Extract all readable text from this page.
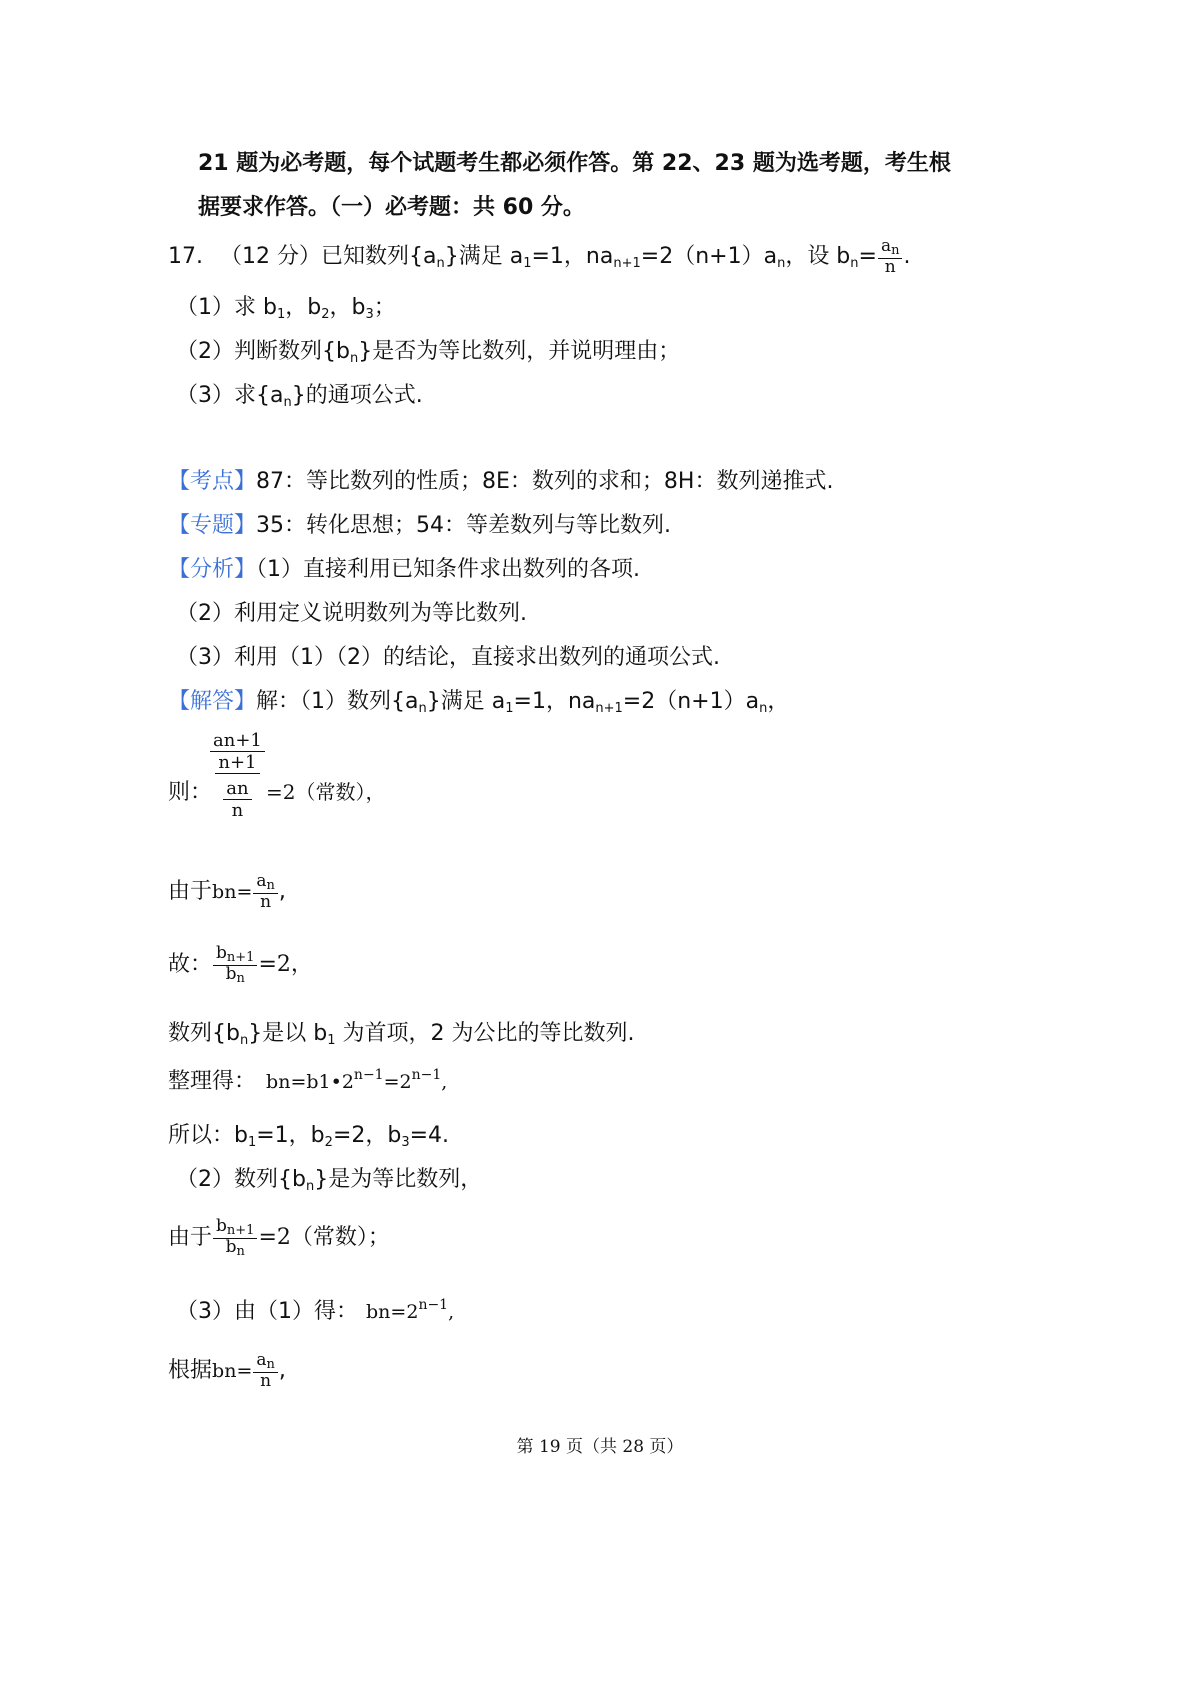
21 题为必考题，每个试题考生都必须作答。第 22、23 题为选考题，考生根
据要求作答。（一）必考题：共 60 分。
17. （12 分）已知数列$\{a_n\}$满足 $a_1=1$，$na_{n+1}=2(n+1)a_n$，设 $b_n= \frac{an}{n}$ .
（1）求 $b_1$，$b_2$，$b_3$；
（2）判断数列$\{b_n\}$是否为等比数列，并说明理由；
（3）求$\{a_n\}$的通项公式.
【考点】87：等比数列的性质；8E：数列的求和；8H：数列递推式.
【专题】35：转化思想；54：等差数列与等比数列.
【分析】（1）直接利用已知条件求出数列的各项.
（2）利用定义说明数列为等比数列.
（3）利用（1）（2）的结论，直接求出数列的通项公式.
【解答】解：（1）数列$\{a_n\}$满足 $a_1=1$，$na_{n+1}=2(n+1)a_n$，
则：
an+1
n+1
an
n
=2（常数），
由于$bn= \frac{an}{n}$ ,
故： $\frac{bn+1}{bn} =2$，
数列$\{b_n\}$是以 $b_1$ 为首项，2 为公比的等比数列.
整理得： $bn=b1•2^{n-1}=2^{n-1}$,
所以：$b_1=1$，$b_2=2$，$b_3=4$.
（2）数列$\{b_n\}$是为等比数列，
由于 $\frac{bn+1}{bn} =2$（常数）；
（3）由（1）得： $bn=2^{n-1}$,
根据$bn= \frac{an}{n}$ ,
第 19 页（共 28 页）
